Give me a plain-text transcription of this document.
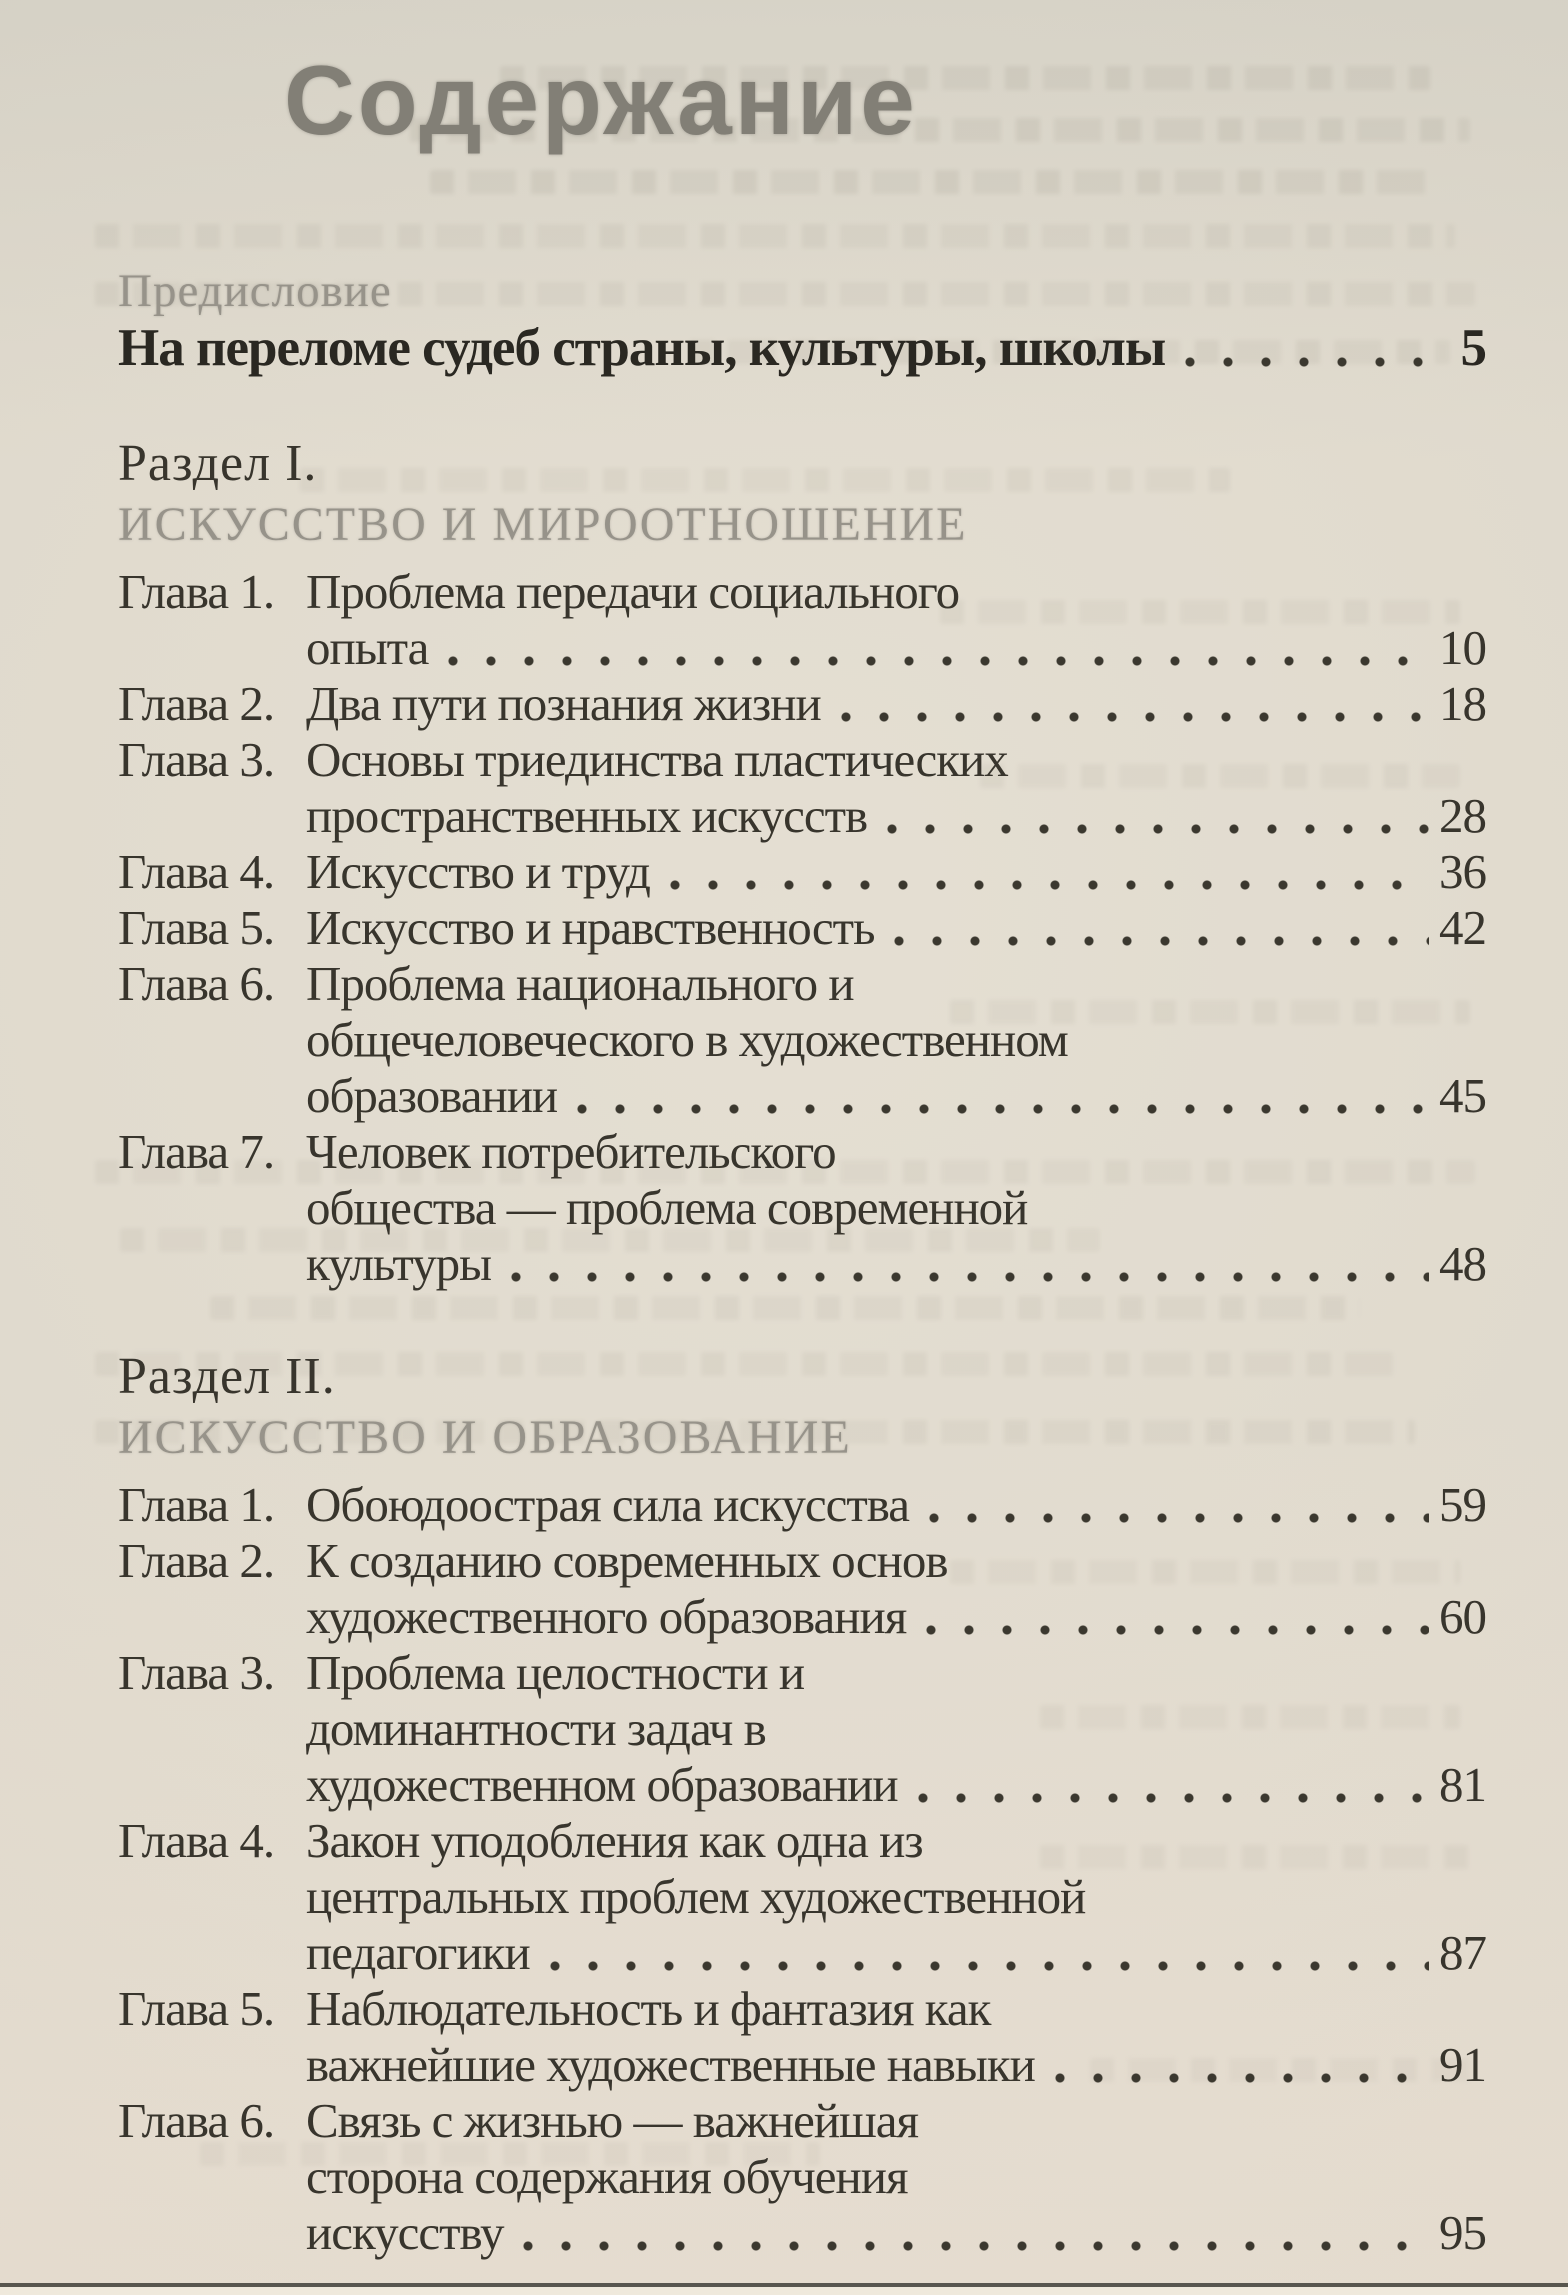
Содержание
Предисловие
На переломе судеб страны, культуры, школы	5
Раздел I.
ИСКУССТВО И МИРООТНОШЕНИЕ
Глава 1. Проблема передачи социального
опыта	10
Глава 2. Два пути познания жизни	18
Глава 3. Основы триединства пластических
пространственных искусств	28
Глава 4. Искусство и труд	36
Глава 5. Искусство и нравственность	42
Глава 6. Проблема национального и
общечеловеческого в художественном
образовании	45
Глава 7. Человек потребительского
общества — проблема современной
культуры	48
Раздел II.
ИСКУССТВО И ОБРАЗОВАНИЕ
Глава 1. Обоюдоострая сила искусства	59
Глава 2. К созданию современных основ
художественного образования	60
Глава 3. Проблема целостности и
доминантности задач в
художественном образовании	81
Глава 4. Закон уподобления как одна из
центральных проблем художественной
педагогики	87
Глава 5. Наблюдательность и фантазия как
важнейшие художественные навыки	91
Глава 6. Связь с жизнью — важнейшая
сторона содержания обучения
искусству	95
